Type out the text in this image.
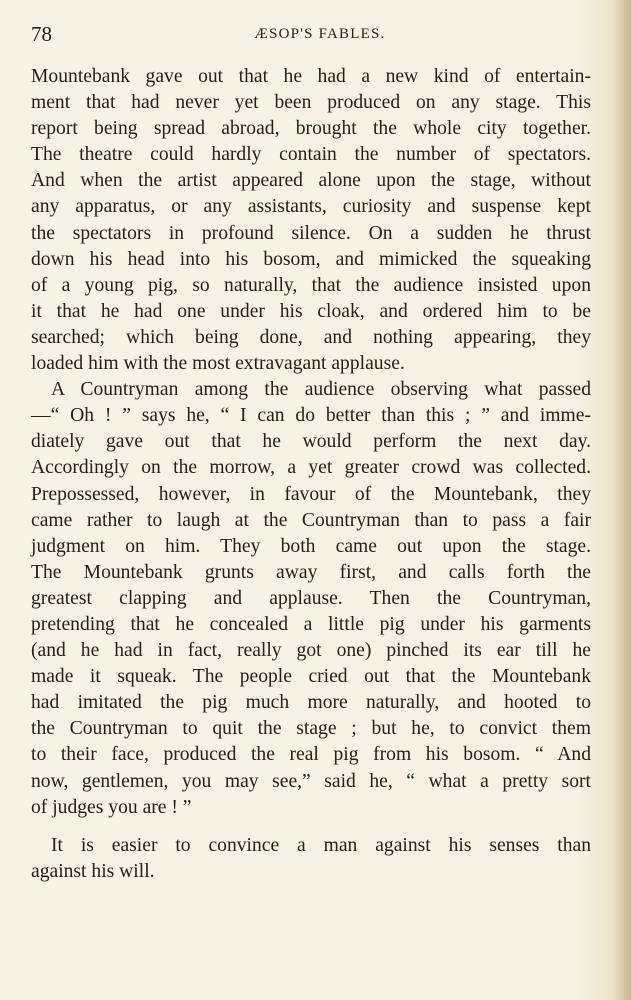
78	ÆSOP'S FABLES.
Mountebank gave out that he had a new kind of entertain-
ment that had never yet been produced on any stage. This
report being spread abroad, brought the whole city together.
The theatre could hardly contain the number of spectators.
And when the artist appeared alone upon the stage, without
any apparatus, or any assistants, curiosity and suspense kept
the spectators in profound silence. On a sudden he thrust
down his head into his bosom, and mimicked the squeaking
of a young pig, so naturally, that the audience insisted upon
it that he had one under his cloak, and ordered him to be
searched; which being done, and nothing appearing, they
loaded him with the most extravagant applause.
A Countryman among the audience observing what passed
—“ Oh ! ” says he, “ I can do better than this ; ” and imme-
diately gave out that he would perform the next day.
Accordingly on the morrow, a yet greater crowd was collected.
Prepossessed, however, in favour of the Mountebank, they
came rather to laugh at the Countryman than to pass a fair
judgment on him. They both came out upon the stage.
The Mountebank grunts away first, and calls forth the
greatest clapping and applause. Then the Countryman,
pretending that he concealed a little pig under his garments
(and he had in fact, really got one) pinched its ear till he
made it squeak. The people cried out that the Mountebank
had imitated the pig much more naturally, and hooted to
the Countryman to quit the stage ; but he, to convict them
to their face, produced the real pig from his bosom. “ And
now, gentlemen, you may see,” said he, “ what a pretty sort
of judges you are ! ”
It is easier to convince a man against his senses than
against his will.
